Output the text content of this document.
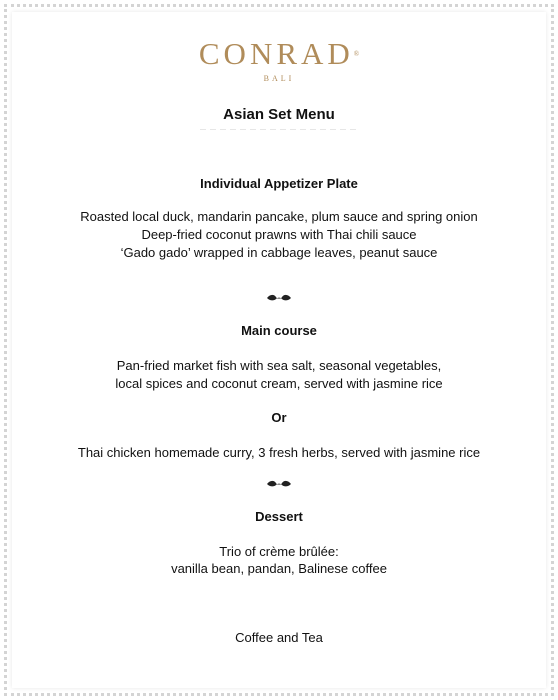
CONRAD®
BALI
Asian Set Menu
Individual Appetizer Plate
Roasted local duck, mandarin pancake, plum sauce and spring onion
Deep-fried coconut prawns with Thai chili sauce
‘Gado gado’ wrapped in cabbage leaves, peanut sauce
Main course
Pan-fried market fish with sea salt, seasonal vegetables,
local spices and coconut cream, served with jasmine rice
Or
Thai chicken homemade curry, 3 fresh herbs, served with jasmine rice
Dessert
Trio of crème brûlée:
vanilla bean, pandan, Balinese coffee
Coffee and Tea
